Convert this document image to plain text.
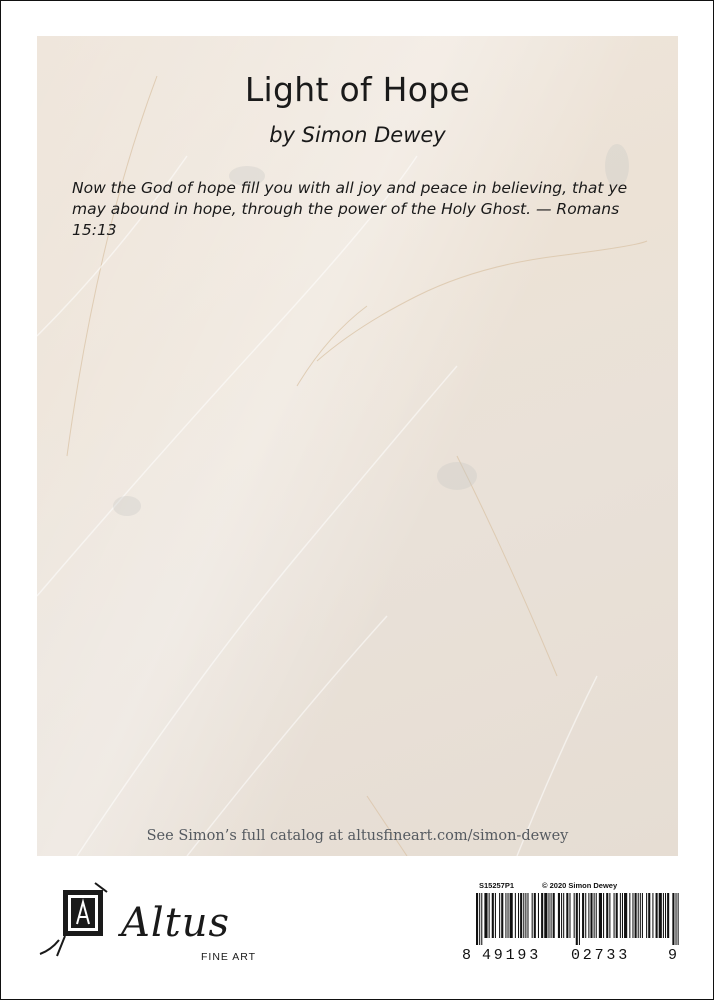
Light of Hope
by Simon Dewey
Now the God of hope fill you with all joy and peace in believing, that ye may abound in hope, through the power of the Holy Ghost. — Romans 15:13
See Simon’s full catalog at altusfineart.com/simon-dewey
Altus
FINE ART
S15257P1	© 2020 Simon Dewey
8 49193 02733	9
